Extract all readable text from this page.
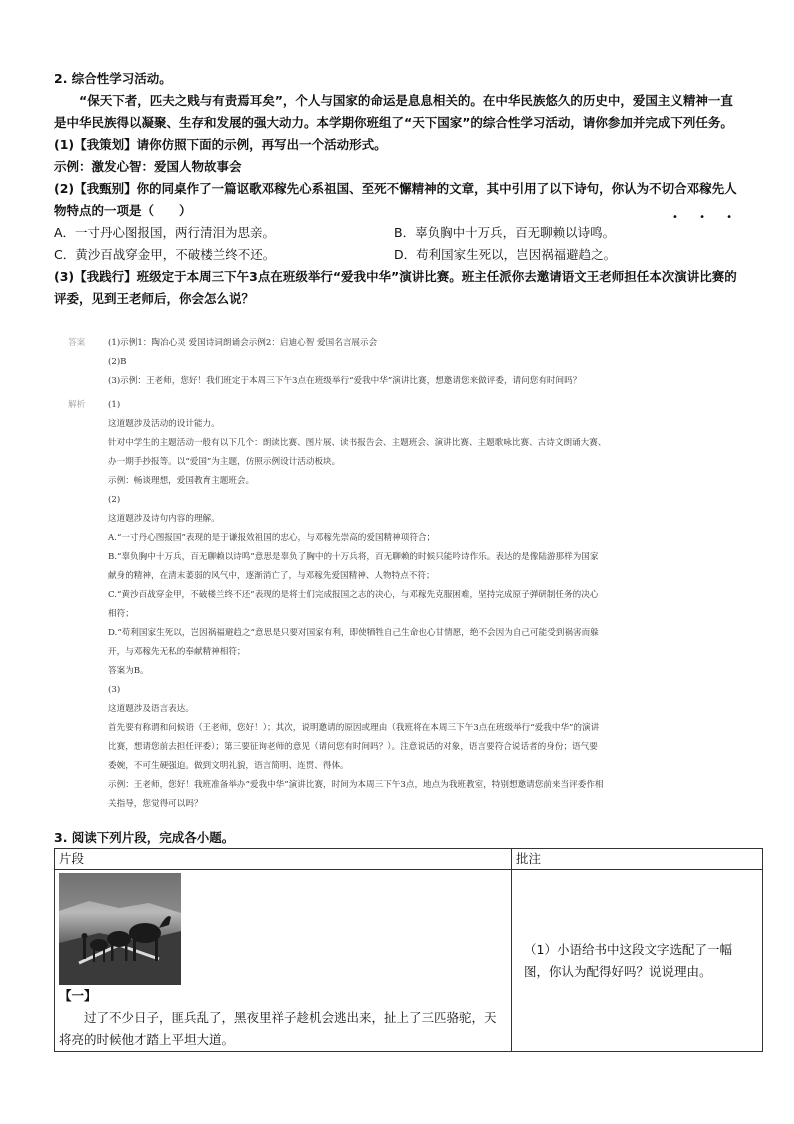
2. 综合性学习活动。

“保天下者，匹夫之贱与有责焉耳矣”，个人与国家的命运是息息相关的。在中华民族悠久的历史中，爱国主义精神一直是中华民族得以凝聚、生存和发展的强大动力。本学期你班组了“天下国家”的综合性学习活动，请你参加并完成下列任务。

(1)【我策划】请你仿照下面的示例，再写出一个活动形式。

示例：激发心智：爱国人物故事会

(2)【我甄别】你的同桌作了一篇讴歌邓稼先心系祖国、至死不懈精神的文章，其中引用了以下诗句，你认为不切合邓稼先人物特点的一项是（　　）

A．一寸丹心图报国，两行清泪为思亲。	B．辜负胸中十万兵，百无聊赖以诗鸣。
C．黄沙百战穿金甲，不破楼兰终不还。	D．苟利国家生死以，岂因祸福避趋之。

(3)【我践行】班级定于本周三下午3点在班级举行“爱我中华”演讲比赛。班主任派你去邀请语文王老师担任本次演讲比赛的评委，见到王老师后，你会怎么说？

• • •
答案	(1)示例1：陶冶心灵 爱国诗词朗诵会示例2：启迪心智 爱国名言展示会

(2)B

(3)示例：王老师，您好！我们班定于本周三下午3点在班级举行“爱我中华”演讲比赛，想邀请您来做评委，请问您有时间吗？

解析	(1)

这道题涉及活动的设计能力。

针对中学生的主题活动一般有以下几个：朗读比赛、图片展、读书报告会、主题班会、演讲比赛、主题歌咏比赛、古诗文朗诵大赛、

办一期手抄报等。以“爱国”为主题，仿照示例设计活动板块。

示例：畅谈理想，爱国教育主题班会。

(2)

这道题涉及诗句内容的理解。

A.“一寸丹心图报国”表现的是于谦报效祖国的忠心，与邓稼先崇高的爱国精神项符合；

B.“辜负胸中十万兵，百无聊赖以诗鸣”意思是辜负了胸中的十万兵将，百无聊赖的时候只能吟诗作乐。表达的是像陆游那样为国家

献身的精神，在清末萎弱的风气中，逐渐消亡了，与邓稼先爱国精神、人物特点不符；

C.“黄沙百战穿金甲，不破楼兰终不还”表现的是将士们完成报国之志的决心，与邓稼先克服困难，坚持完成原子弹研制任务的决心

相符；

D.“苟利国家生死以，岂因祸福避趋之”意思是只要对国家有利，即使牺牲自己生命也心甘情愿，绝不会因为自己可能受到祸害而躲

开，与邓稼先无私的奉献精神相符；

答案为B。

(3)

这道题涉及语言表达。

首先要有称谓和问候语（王老师，您好！）；其次，说明邀请的原因或理由（我班将在本周三下午3点在班级举行“爱我中华”的演讲

比赛，想请您前去担任评委）；第三要征询老师的意见（请问您有时间吗？）。注意说话的对象，语言要符合说话者的身份；语气要

委婉，不可生硬强迫。做到文明礼貌，语言简明、连贯、得体。

示例：王老师，您好！我班准备举办“爱我中华”演讲比赛，时间为本周三下午3点，地点为我班教室，特别想邀请您前来当评委作相

关指导，您觉得可以吗？

3. 阅读下列片段，完成各小题。
片段	批注

【一】
过了不少日子，匪兵乱了，黑夜里祥子趁机会逃出来，扯上了三匹骆驼，天将亮的时候他才踏上平坦大道。	（1）小语给书中这段文字选配了一幅图，你认为配得好吗？说说理由。
